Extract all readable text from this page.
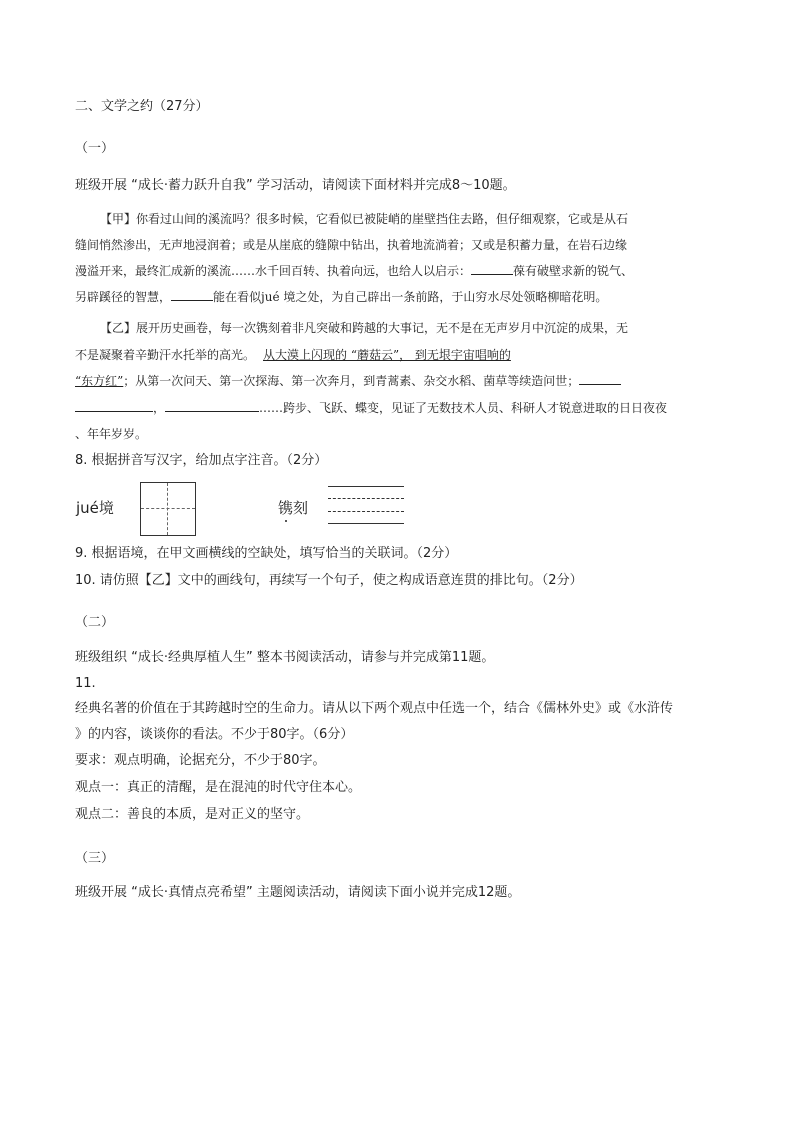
二、文学之约（27分）
（一）
班级开展 “成长·蓄力跃升自我” 学习活动，请阅读下面材料并完成8～10题。
【甲】你看过山间的溪流吗？很多时候，它看似已被陡峭的崖壁挡住去路，但仔细观察，它或是从石
缝间悄然渗出，无声地浸润着；或是从崖底的缝隙中钻出，执着地流淌着；又或是积蓄力量，在岩石边缘
漫溢开来，最终汇成新的溪流……水千回百转、执着向远，也给人以启示：	葆有破壁求新的锐气、
另辟蹊径的智慧，	能在看似jué 境之处，为自己辟出一条前路，于山穷水尽处领略柳暗花明。
【乙】展开历史画卷，每一次镌刻着非凡突破和跨越的大事记，无不是在无声岁月中沉淀的成果，无
不是凝聚着辛勤汗水托举的高光。 从大漠上闪现的 “蘑菇云”， 到无垠宇宙唱响的
“东方红”；从第一次问天、第一次探海、第一次奔月，到青蒿素、杂交水稻、菌草等续造问世；
，	……跨步、飞跃、蝶变，见证了无数技术人员、科研人才锐意进取的日日夜夜
、年年岁岁。
8. 根据拼音写汉字，给加点字注音。（2分）
jué境	镌刻
9. 根据语境，在甲文画横线的空缺处，填写恰当的关联词。（2分）
10. 请仿照【乙】文中的画线句，再续写一个句子，使之构成语意连贯的排比句。（2分）
（二）
班级组织 “成长·经典厚植人生” 整本书阅读活动，请参与并完成第11题。
11.
经典名著的价值在于其跨越时空的生命力。请从以下两个观点中任选一个，结合《儒林外史》或《水浒传
》的内容，谈谈你的看法。不少于80字。（6分）
要求：观点明确，论据充分，不少于80字。
观点一：真正的清醒，是在混沌的时代守住本心。
观点二：善良的本质，是对正义的坚守。
（三）
班级开展 “成长·真情点亮希望” 主题阅读活动，请阅读下面小说并完成12题。
